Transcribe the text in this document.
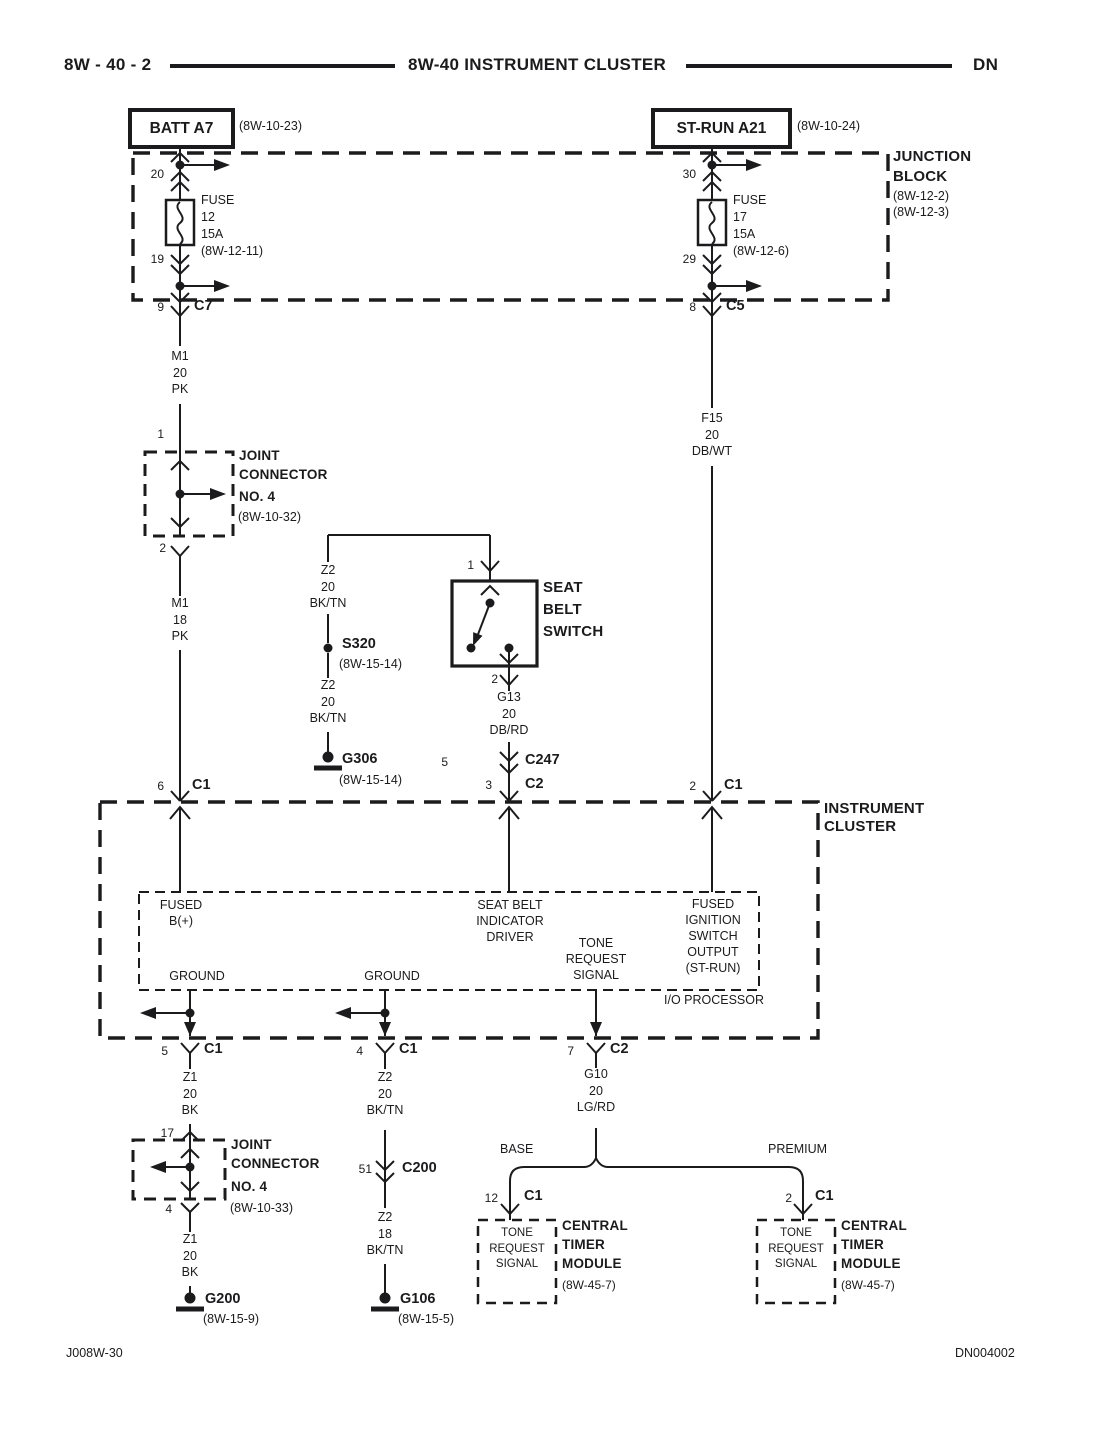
8W - 40 - 2	8W-40 INSTRUMENT CLUSTER	DN
BATT A7	(8W-10-23)	ST-RUN A21	(8W-10-24)
JUNCTION
BLOCK
(8W-12-2)
(8W-12-3)
20
FUSE
12
15A
(8W-12-11)
19
9 C7
30
FUSE
17
15A
(8W-12-6)
29
8 C5
M1
20
PK
1
JOINT
CONNECTOR
NO. 4
(8W-10-32)
2
M1
18
PK
F15
20
DB/WT
Z2
20
BK/TN
S320
(8W-15-14)
Z2
20
BK/TN
G306
(8W-15-14)
1
SEAT
BELT
SWITCH
2
G13
20
DB/RD
5	C247
3 C2
6 C1	2 C1
INSTRUMENT
CLUSTER
FUSED
B(+)
SEAT BELT
INDICATOR
DRIVER	TONE
REQUEST
SIGNAL
FUSED
IGNITION
SWITCH
OUTPUT
(ST-RUN)
GROUND	GROUND
I/O PROCESSOR
5 C1	4 C1	7 C2
Z1
20
BK
17
JOINT
CONNECTOR
NO. 4
(8W-10-33)
4
Z1
20
BK
G200
(8W-15-9)
Z2
20
BK/TN
51 C200
Z2
18
BK/TN
G106
(8W-15-5)
G10
20
LG/RD
BASE	PREMIUM
12 C1	2 C1
TONE
REQUEST
SIGNAL
CENTRAL
TIMER
MODULE
(8W-45-7)
TONE
REQUEST
SIGNAL
CENTRAL
TIMER
MODULE
(8W-45-7)
J008W-30	DN004002
